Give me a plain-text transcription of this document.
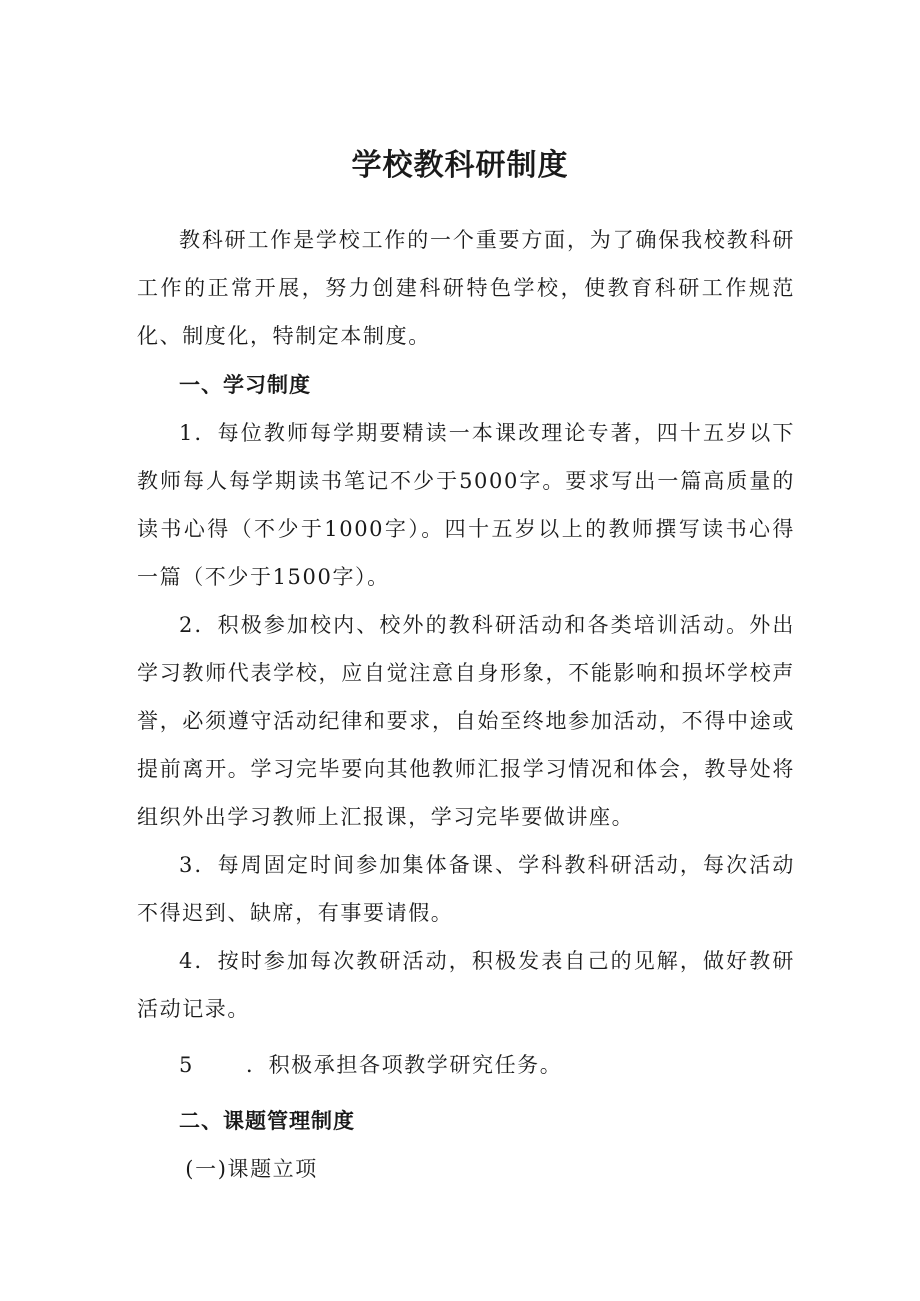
学校教科研制度

教科研工作是学校工作的一个重要方面，为了确保我校教科研工作的正常开展，努力创建科研特色学校，使教育科研工作规范化、制度化，特制定本制度。

一、学习制度

1．每位教师每学期要精读一本课改理论专著，四十五岁以下教师每人每学期读书笔记不少于5000字。要求写出一篇高质量的读书心得（不少于1000字）。四十五岁以上的教师撰写读书心得一篇（不少于1500字）。

2．积极参加校内、校外的教科研活动和各类培训活动。外出学习教师代表学校，应自觉注意自身形象，不能影响和损坏学校声誉，必须遵守活动纪律和要求，自始至终地参加活动，不得中途或提前离开。学习完毕要向其他教师汇报学习情况和体会，教导处将组织外出学习教师上汇报课，学习完毕要做讲座。

3．每周固定时间参加集体备课、学科教科研活动，每次活动不得迟到、缺席，有事要请假。

4．按时参加每次教研活动，积极发表自己的见解，做好教研活动记录。

5 ．积极承担各项教学研究任务。

二、课题管理制度

(一)课题立项
